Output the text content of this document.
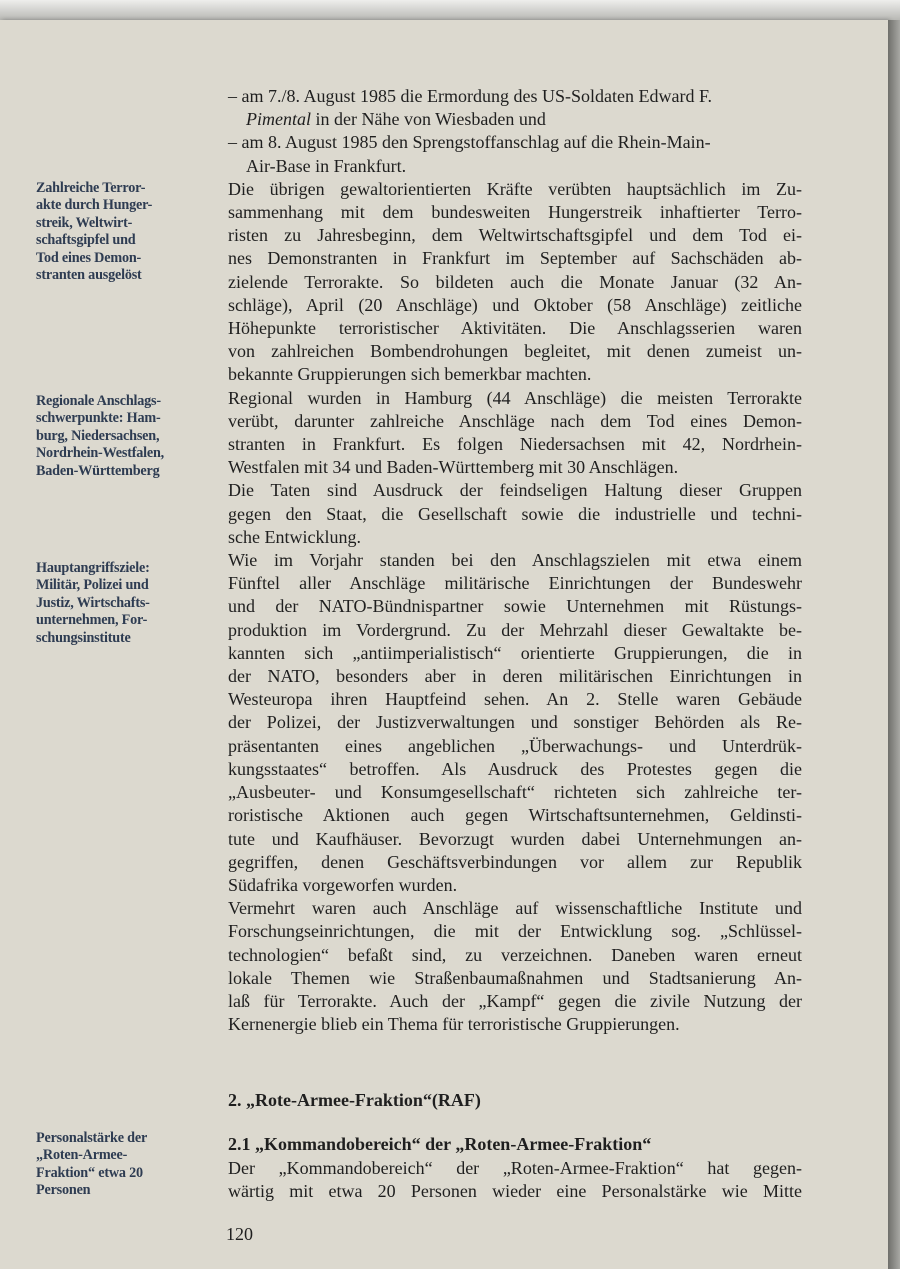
Zahlreiche Terror-
akte durch Hunger-
streik, Weltwirt-
schaftsgipfel und
Tod eines Demon-
stranten ausgelöst
Regionale Anschlags-
schwerpunkte: Ham-
burg, Niedersachsen,
Nordrhein-Westfalen,
Baden-Württemberg
Hauptangriffsziele:
Militär, Polizei und
Justiz, Wirtschafts-
unternehmen, For-
schungsinstitute
Personalstärke der
„Roten-Armee-
Fraktion“ etwa 20
Personen
– am 7./8. August 1985 die Ermordung des US-Soldaten Edward F.
Pimental in der Nähe von Wiesbaden und
– am 8. August 1985 den Sprengstoffanschlag auf die Rhein-Main-
Air-Base in Frankfurt.
Die übrigen gewaltorientierten Kräfte verübten hauptsächlich im Zu-
sammenhang mit dem bundesweiten Hungerstreik inhaftierter Terro-
risten zu Jahresbeginn, dem Weltwirtschaftsgipfel und dem Tod ei-
nes Demonstranten in Frankfurt im September auf Sachschäden ab-
zielende Terrorakte. So bildeten auch die Monate Januar (32 An-
schläge), April (20 Anschläge) und Oktober (58 Anschläge) zeitliche
Höhepunkte terroristischer Aktivitäten. Die Anschlagsserien waren
von zahlreichen Bombendrohungen begleitet, mit denen zumeist un-
bekannte Gruppierungen sich bemerkbar machten.
Regional wurden in Hamburg (44 Anschläge) die meisten Terrorakte
verübt, darunter zahlreiche Anschläge nach dem Tod eines Demon-
stranten in Frankfurt. Es folgen Niedersachsen mit 42, Nordrhein-
Westfalen mit 34 und Baden-Württemberg mit 30 Anschlägen.
Die Taten sind Ausdruck der feindseligen Haltung dieser Gruppen
gegen den Staat, die Gesellschaft sowie die industrielle und techni-
sche Entwicklung.
Wie im Vorjahr standen bei den Anschlagszielen mit etwa einem
Fünftel aller Anschläge militärische Einrichtungen der Bundeswehr
und der NATO-Bündnispartner sowie Unternehmen mit Rüstungs-
produktion im Vordergrund. Zu der Mehrzahl dieser Gewaltakte be-
kannten sich „antiimperialistisch“ orientierte Gruppierungen, die in
der NATO, besonders aber in deren militärischen Einrichtungen in
Westeuropa ihren Hauptfeind sehen. An 2. Stelle waren Gebäude
der Polizei, der Justizverwaltungen und sonstiger Behörden als Re-
präsentanten eines angeblichen „Überwachungs- und Unterdrük-
kungsstaates“ betroffen. Als Ausdruck des Protestes gegen die
„Ausbeuter- und Konsumgesellschaft“ richteten sich zahlreiche ter-
roristische Aktionen auch gegen Wirtschaftsunternehmen, Geldinsti-
tute und Kaufhäuser. Bevorzugt wurden dabei Unternehmungen an-
gegriffen, denen Geschäftsverbindungen vor allem zur Republik
Südafrika vorgeworfen wurden.
Vermehrt waren auch Anschläge auf wissenschaftliche Institute und
Forschungseinrichtungen, die mit der Entwicklung sog. „Schlüssel-
technologien“ befaßt sind, zu verzeichnen. Daneben waren erneut
lokale Themen wie Straßenbaumaßnahmen und Stadtsanierung An-
laß für Terrorakte. Auch der „Kampf“ gegen die zivile Nutzung der
Kernenergie blieb ein Thema für terroristische Gruppierungen.
2. „Rote-Armee-Fraktion“(RAF)
2.1 „Kommandobereich“ der „Roten-Armee-Fraktion“
Der „Kommandobereich“ der „Roten-Armee-Fraktion“ hat gegen-
wärtig mit etwa 20 Personen wieder eine Personalstärke wie Mitte
120
